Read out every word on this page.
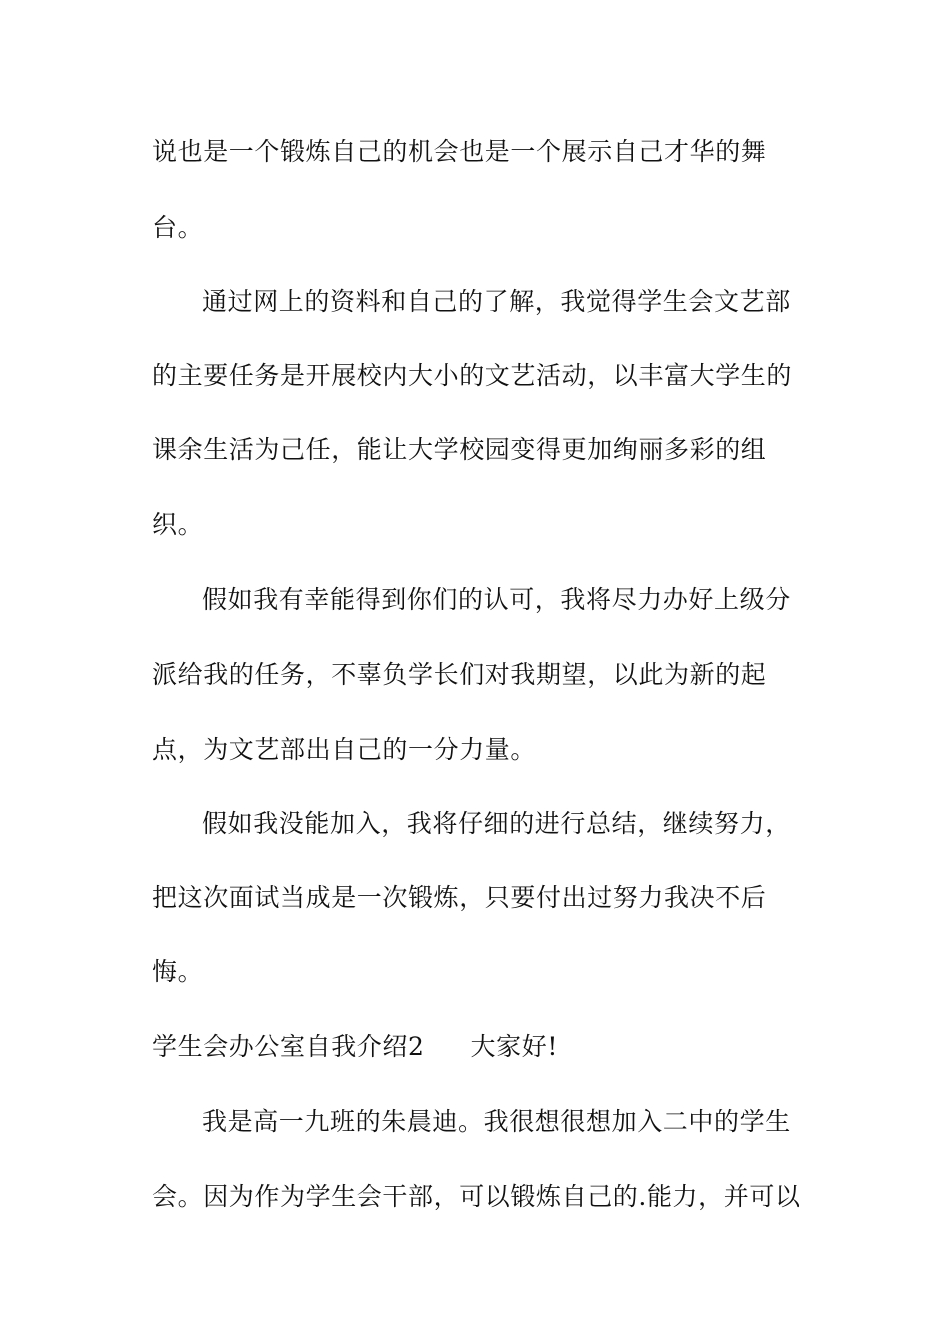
说也是一个锻炼自己的机会也是一个展示自己才华的舞
台。
通过网上的资料和自己的了解，我觉得学生会文艺部
的主要任务是开展校内大小的文艺活动，以丰富大学生的
课余生活为己任，能让大学校园变得更加绚丽多彩的组
织。
假如我有幸能得到你们的认可，我将尽力办好上级分
派给我的任务，不辜负学长们对我期望，以此为新的起
点，为文艺部出自己的一分力量。
假如我没能加入，我将仔细的进行总结，继续努力，
把这次面试当成是一次锻炼，只要付出过努力我决不后
悔。
学生会办公室自我介绍2 大家好!
我是高一九班的朱晨迪。我很想很想加入二中的学生
会。因为作为学生会干部，可以锻炼自己的.能力，并可以
